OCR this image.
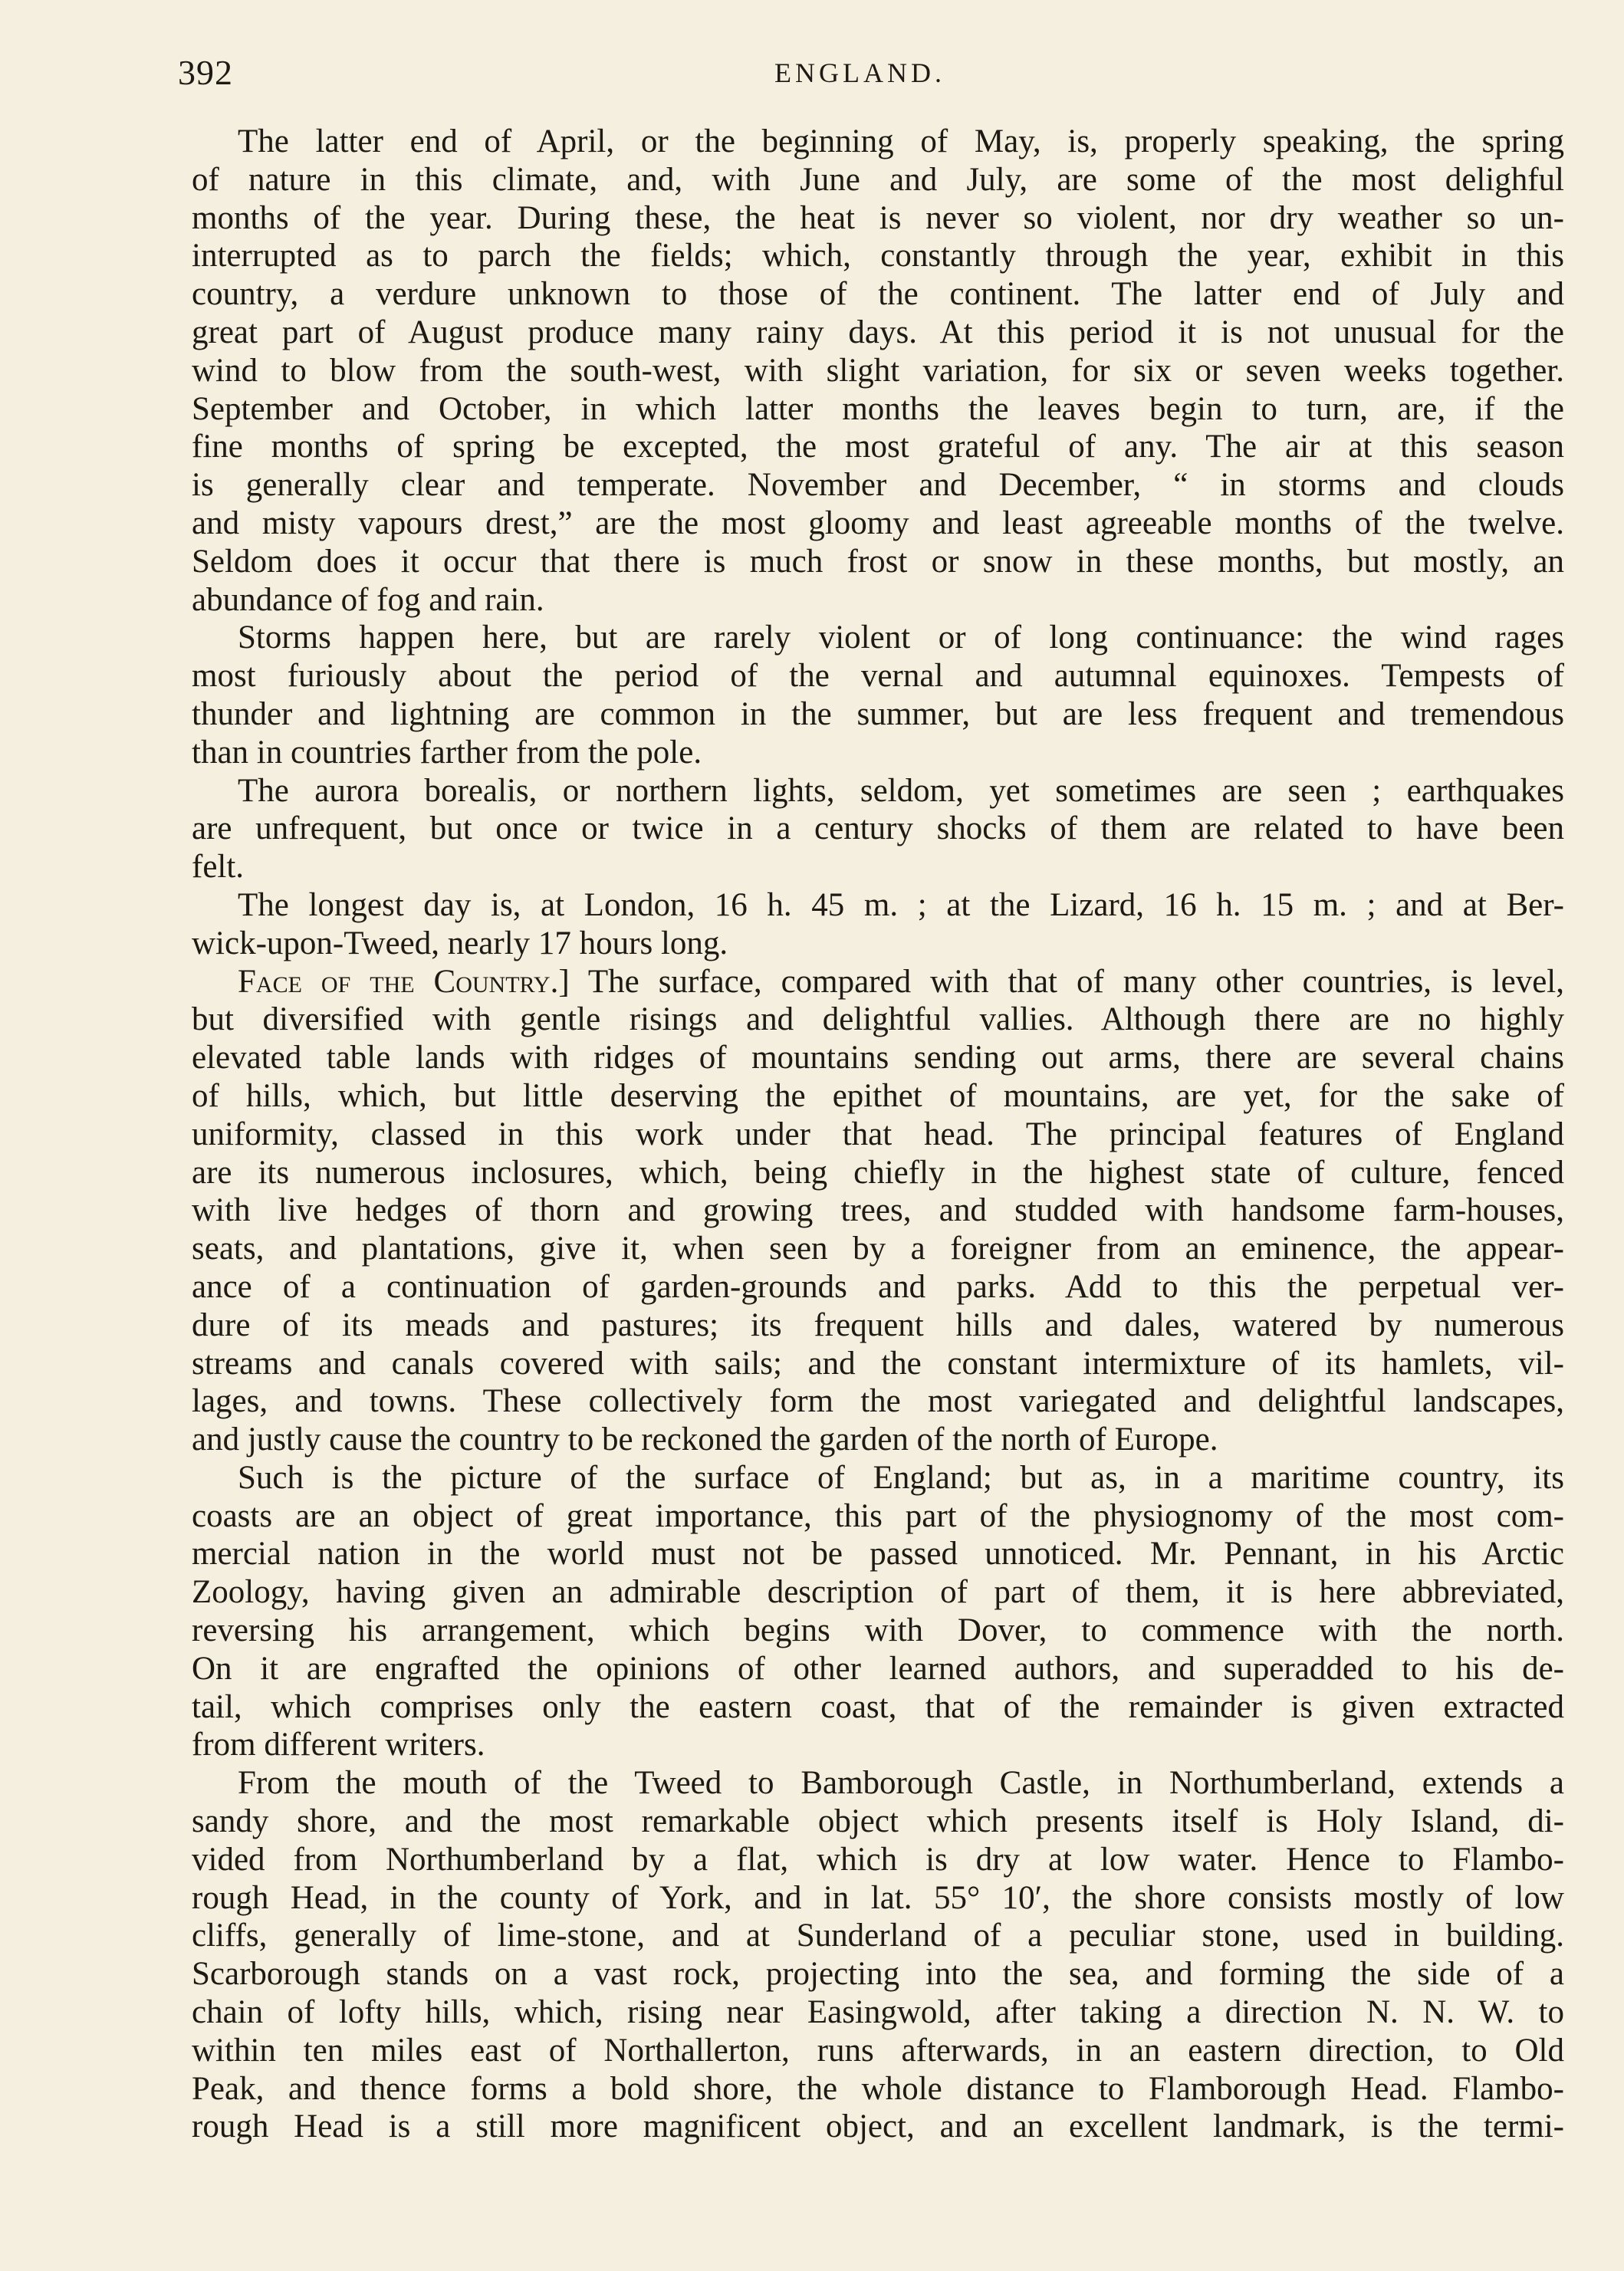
392	ENGLAND.
The latter end of April, or the beginning of May, is, properly speaking, the spring
of nature in this climate, and, with June and July, are some of the most delighful
months of the year. During these, the heat is never so violent, nor dry weather so un-
interrupted as to parch the fields; which, constantly through the year, exhibit in this
country, a verdure unknown to those of the continent. The latter end of July and
great part of August produce many rainy days. At this period it is not unusual for the
wind to blow from the south-west, with slight variation, for six or seven weeks together.
September and October, in which latter months the leaves begin to turn, are, if the
fine months of spring be excepted, the most grateful of any. The air at this season
is generally clear and temperate. November and December, “ in storms and clouds
and misty vapours drest,” are the most gloomy and least agreeable months of the twelve.
Seldom does it occur that there is much frost or snow in these months, but mostly, an
abundance of fog and rain.
Storms happen here, but are rarely violent or of long continuance: the wind rages
most furiously about the period of the vernal and autumnal equinoxes. Tempests of
thunder and lightning are common in the summer, but are less frequent and tremendous
than in countries farther from the pole.
The aurora borealis, or northern lights, seldom, yet sometimes are seen ; earthquakes
are unfrequent, but once or twice in a century shocks of them are related to have been
felt.
The longest day is, at London, 16 h. 45 m. ; at the Lizard, 16 h. 15 m. ; and at Ber-
wick-upon-Tweed, nearly 17 hours long.
Face of the Country.] The surface, compared with that of many other countries, is level,
but diversified with gentle risings and delightful vallies. Although there are no highly
elevated table lands with ridges of mountains sending out arms, there are several chains
of hills, which, but little deserving the epithet of mountains, are yet, for the sake of
uniformity, classed in this work under that head. The principal features of England
are its numerous inclosures, which, being chiefly in the highest state of culture, fenced
with live hedges of thorn and growing trees, and studded with handsome farm-houses,
seats, and plantations, give it, when seen by a foreigner from an eminence, the appear-
ance of a continuation of garden-grounds and parks. Add to this the perpetual ver-
dure of its meads and pastures; its frequent hills and dales, watered by numerous
streams and canals covered with sails; and the constant intermixture of its hamlets, vil-
lages, and towns. These collectively form the most variegated and delightful landscapes,
and justly cause the country to be reckoned the garden of the north of Europe.
Such is the picture of the surface of England; but as, in a maritime country, its
coasts are an object of great importance, this part of the physiognomy of the most com-
mercial nation in the world must not be passed unnoticed. Mr. Pennant, in his Arctic
Zoology, having given an admirable description of part of them, it is here abbreviated,
reversing his arrangement, which begins with Dover, to commence with the north.
On it are engrafted the opinions of other learned authors, and superadded to his de-
tail, which comprises only the eastern coast, that of the remainder is given extracted
from different writers.
From the mouth of the Tweed to Bamborough Castle, in Northumberland, extends a
sandy shore, and the most remarkable object which presents itself is Holy Island, di-
vided from Northumberland by a flat, which is dry at low water. Hence to Flambo-
rough Head, in the county of York, and in lat. 55° 10′, the shore consists mostly of low
cliffs, generally of lime-stone, and at Sunderland of a peculiar stone, used in building.
Scarborough stands on a vast rock, projecting into the sea, and forming the side of a
chain of lofty hills, which, rising near Easingwold, after taking a direction N. N. W. to
within ten miles east of Northallerton, runs afterwards, in an eastern direction, to Old
Peak, and thence forms a bold shore, the whole distance to Flamborough Head. Flambo-
rough Head is a still more magnificent object, and an excellent landmark, is the termi-
